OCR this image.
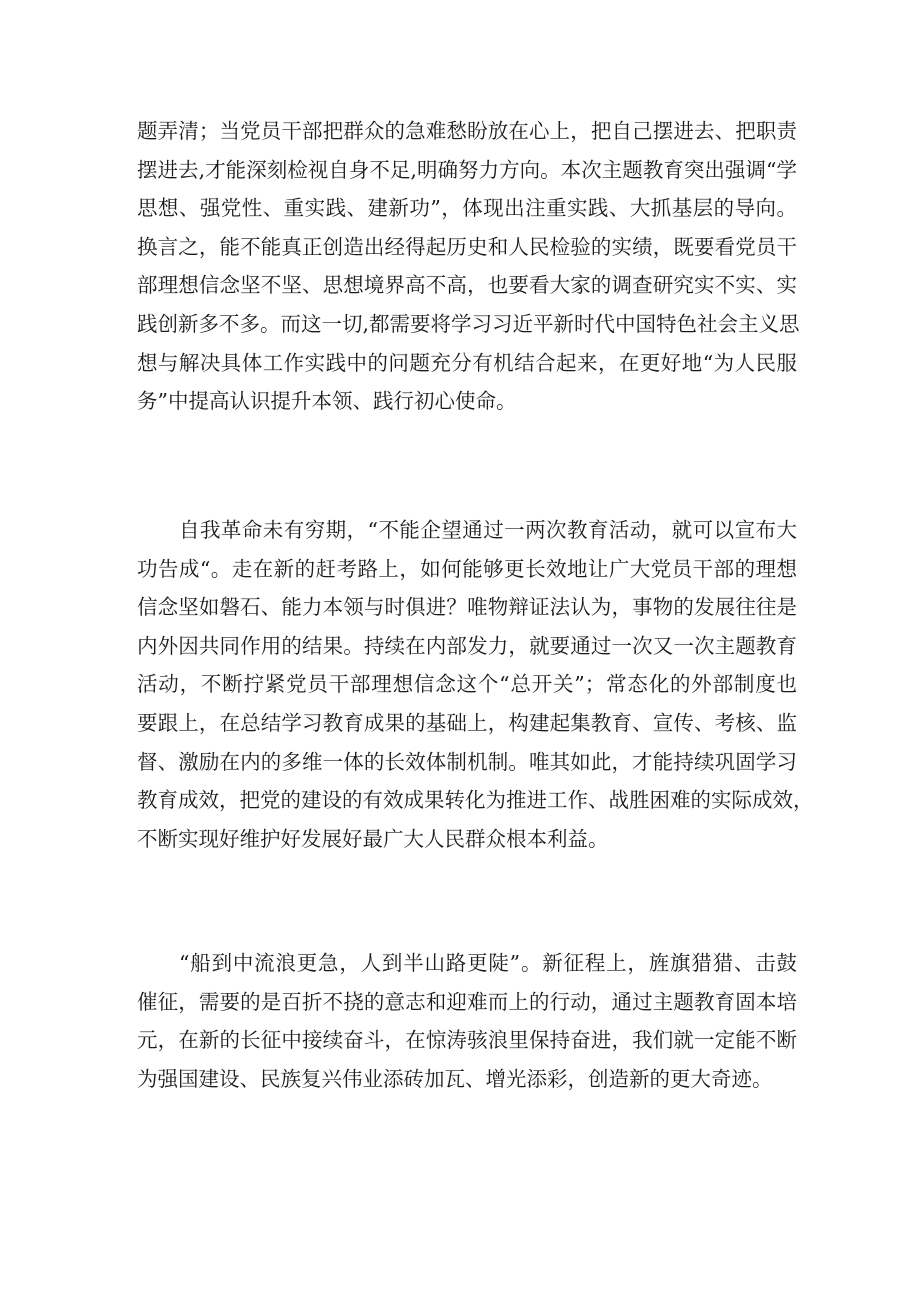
题弄清；当党员干部把群众的急难愁盼放在心上，把自己摆进去、把职责
摆进去,才能深刻检视自身不足,明确努力方向。本次主题教育突出强调“学
思想、强党性、重实践、建新功”，体现出注重实践、大抓基层的导向。
换言之，能不能真正创造出经得起历史和人民检验的实绩，既要看党员干
部理想信念坚不坚、思想境界高不高，也要看大家的调查研究实不实、实
践创新多不多。而这一切,都需要将学习习近平新时代中国特色社会主义思
想与解决具体工作实践中的问题充分有机结合起来，在更好地“为人民服
务”中提高认识提升本领、践行初心使命。
自我革命未有穷期，“不能企望通过一两次教育活动，就可以宣布大
功告成“。走在新的赶考路上，如何能够更长效地让广大党员干部的理想
信念坚如磐石、能力本领与时俱进？唯物辩证法认为，事物的发展往往是
内外因共同作用的结果。持续在内部发力，就要通过一次又一次主题教育
活动，不断拧紧党员干部理想信念这个“总开关”；常态化的外部制度也
要跟上，在总结学习教育成果的基础上，构建起集教育、宣传、考核、监
督、激励在内的多维一体的长效体制机制。唯其如此，才能持续巩固学习
教育成效，把党的建设的有效成果转化为推进工作、战胜困难的实际成效，
不断实现好维护好发展好最广大人民群众根本利益。
“船到中流浪更急，人到半山路更陡”。新征程上，旌旗猎猎、击鼓
催征，需要的是百折不挠的意志和迎难而上的行动，通过主题教育固本培
元，在新的长征中接续奋斗，在惊涛骇浪里保持奋进，我们就一定能不断
为强国建设、民族复兴伟业添砖加瓦、增光添彩，创造新的更大奇迹。
